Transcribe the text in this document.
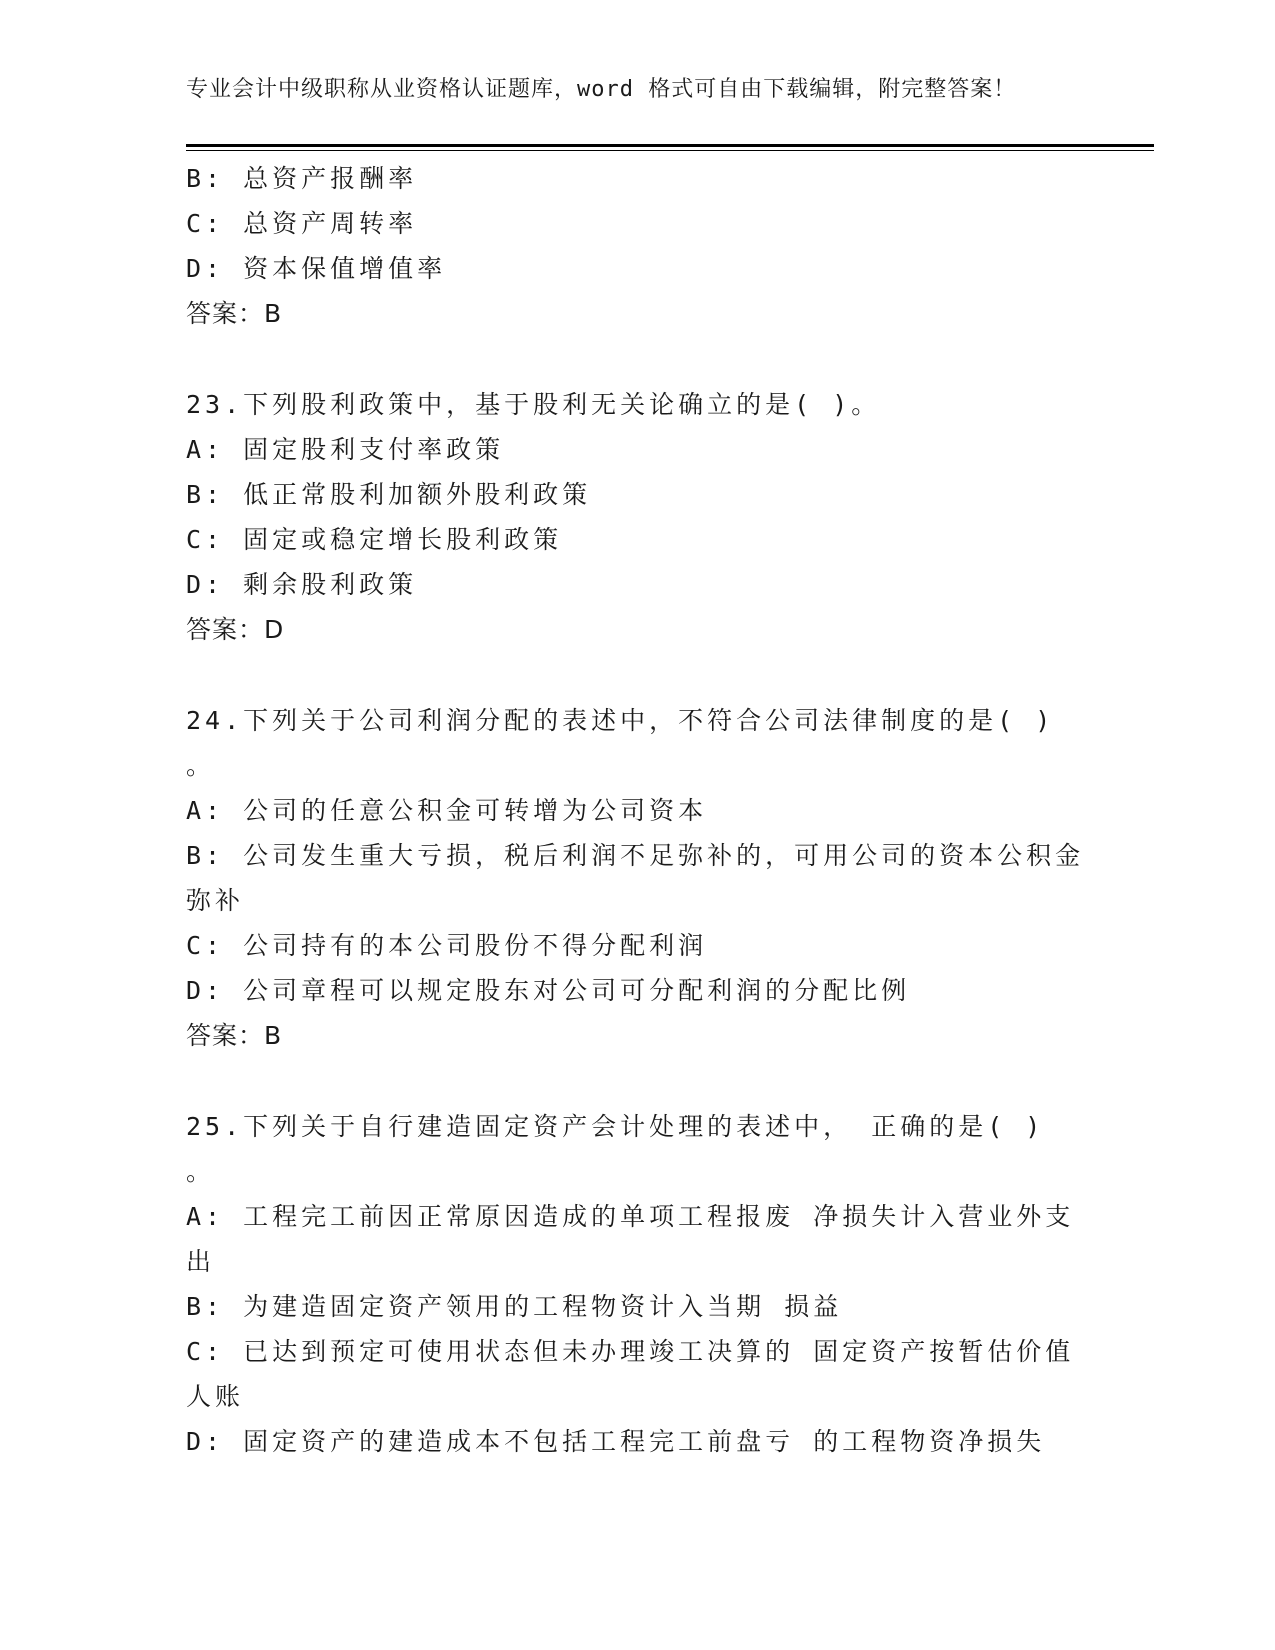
专业会计中级职称从业资格认证题库，word 格式可自由下载编辑，附完整答案！
B: 总资产报酬率
C: 总资产周转率
D: 资本保值增值率
答案：B
23.下列股利政策中，基于股利无关论确立的是( )。
A: 固定股利支付率政策
B: 低正常股利加额外股利政策
C: 固定或稳定增长股利政策
D: 剩余股利政策
答案：D
24.下列关于公司利润分配的表述中，不符合公司法律制度的是( )
。
A: 公司的任意公积金可转增为公司资本
B: 公司发生重大亏损，税后利润不足弥补的，可用公司的资本公积金
弥补
C: 公司持有的本公司股份不得分配利润
D: 公司章程可以规定股东对公司可分配利润的分配比例
答案：B
25.下列关于自行建造固定资产会计处理的表述中， 正确的是( )
。
A: 工程完工前因正常原因造成的单项工程报废 净损失计入营业外支
出
B: 为建造固定资产领用的工程物资计入当期 损益
C: 已达到预定可使用状态但未办理竣工决算的 固定资产按暂估价值
人账
D: 固定资产的建造成本不包括工程完工前盘亏 的工程物资净损失
